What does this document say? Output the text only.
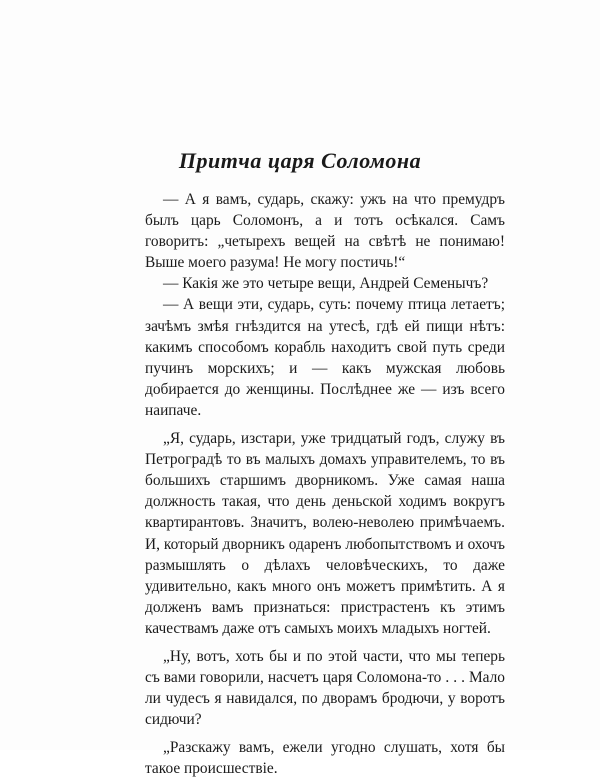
Притча царя Соломона

— А я вамъ, сударь, скажу: ужъ на что премудръ былъ царь Соломонъ, а и тотъ осѣкался. Самъ говоритъ: „четырехъ вещей на свѣтѣ не понимаю! Выше моего разума! Не могу постичь!“

— Какія же это четыре вещи, Андрей Семенычъ?

— А вещи эти, сударь, суть: почему птица летаетъ; зачѣмъ змѣя гнѣздится на утесѣ, гдѣ ей пищи нѣтъ: какимъ способомъ корабль находитъ свой путь среди пучинъ морскихъ; и — какъ мужская любовь добирается до женщины. Послѣднее же — изъ всего наипаче.

„Я, сударь, изстари, ужe тридцатый годъ, служу въ Петроградѣ то въ малыхъ домахъ управителемъ, то въ большихъ старшимъ дворникомъ. Уже самая наша должность такая, что день деньской ходимъ вокругъ квартирантовъ. Значитъ, волею-неволею примѣчаемъ. И, который дворникъ одаренъ любопытствомъ и охочъ размышлять о дѣлахъ человѣческихъ, то даже удивительно, какъ много онъ можетъ примѣтить. А я долженъ вамъ признаться: пристрастенъ къ этимъ качествамъ даже отъ самыхъ моихъ младыхъ ногтей.

„Ну, вотъ, хоть бы и по этой части, что мы теперь съ вами говорили, насчетъ царя Соломона-то . . . Мало ли чудесъ я навидался, по дворамъ бродючи, у воротъ сидючи?

„Разскажу вамъ, ежели угодно слушать, хотя бы такое происшествіе.
